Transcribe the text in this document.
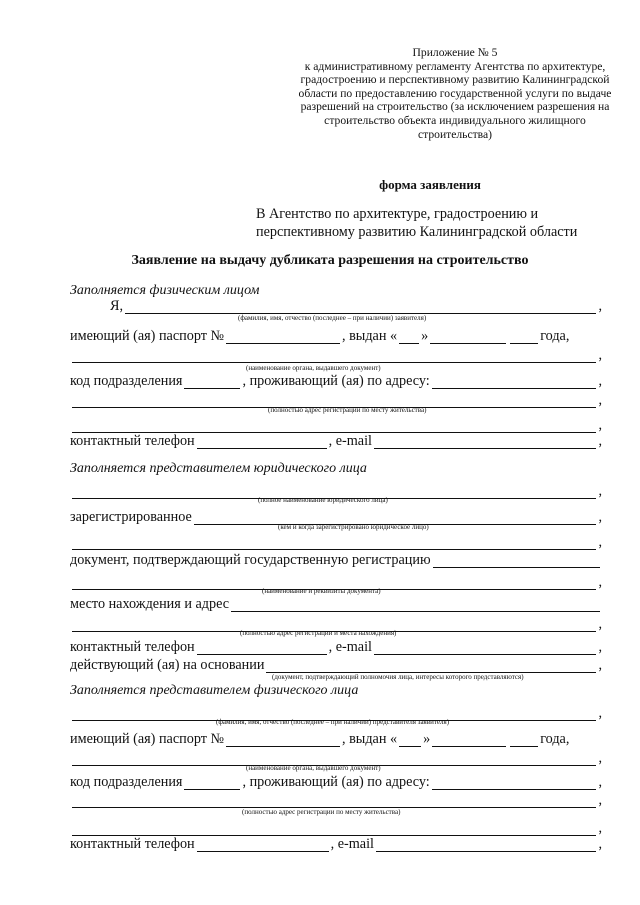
Приложение № 5
к административному регламенту Агентства по архитектуре, градостроению и перспективному развитию Калининградской области по предоставлению государственной услуги по выдаче разрешений на строительство (за исключением разрешения на строительство объекта индивидуального жилищного строительства)
форма заявления
В Агентство по архитектуре, градостроению и перспективному развитию Калининградской области
Заявление на выдачу дубликата разрешения на строительство
Заполняется физическим лицом
Я,	,
(фамилия, имя, отчество (последнее – при наличии) заявителя)
имеющий (ая) паспорт №	, выдан « »	года,
,
(наименование органа, выдавшего документ)
код подразделения	, проживающий (ая) по адресу:	,
,
(полностью адрес регистрации по месту жительства)
,
контактный телефон	, e-mail	,
Заполняется представителем юридического лица
,
(полное наименование юридического лица)
зарегистрированное	,
(кем и когда зарегистрировано юридическое лицо)
,
документ, подтверждающий государственную регистрацию
,
(наименование и реквизиты документа)
место нахождения и адрес
,
(полностью адрес регистрации и места нахождения)
контактный телефон	, e-mail	,
действующий (ая) на основании	,
(документ, подтверждающий полномочия лица, интересы которого представляются)
Заполняется представителем физического лица
,
(фамилия, имя, отчество (последнее – при наличии) представителя заявителя)
имеющий (ая) паспорт №	, выдан « »	года,
,
(наименование органа, выдавшего документ)
код подразделения	, проживающий (ая) по адресу:	,
,
(полностью адрес регистрации по месту жительства)
,
контактный телефон	, e-mail	,
